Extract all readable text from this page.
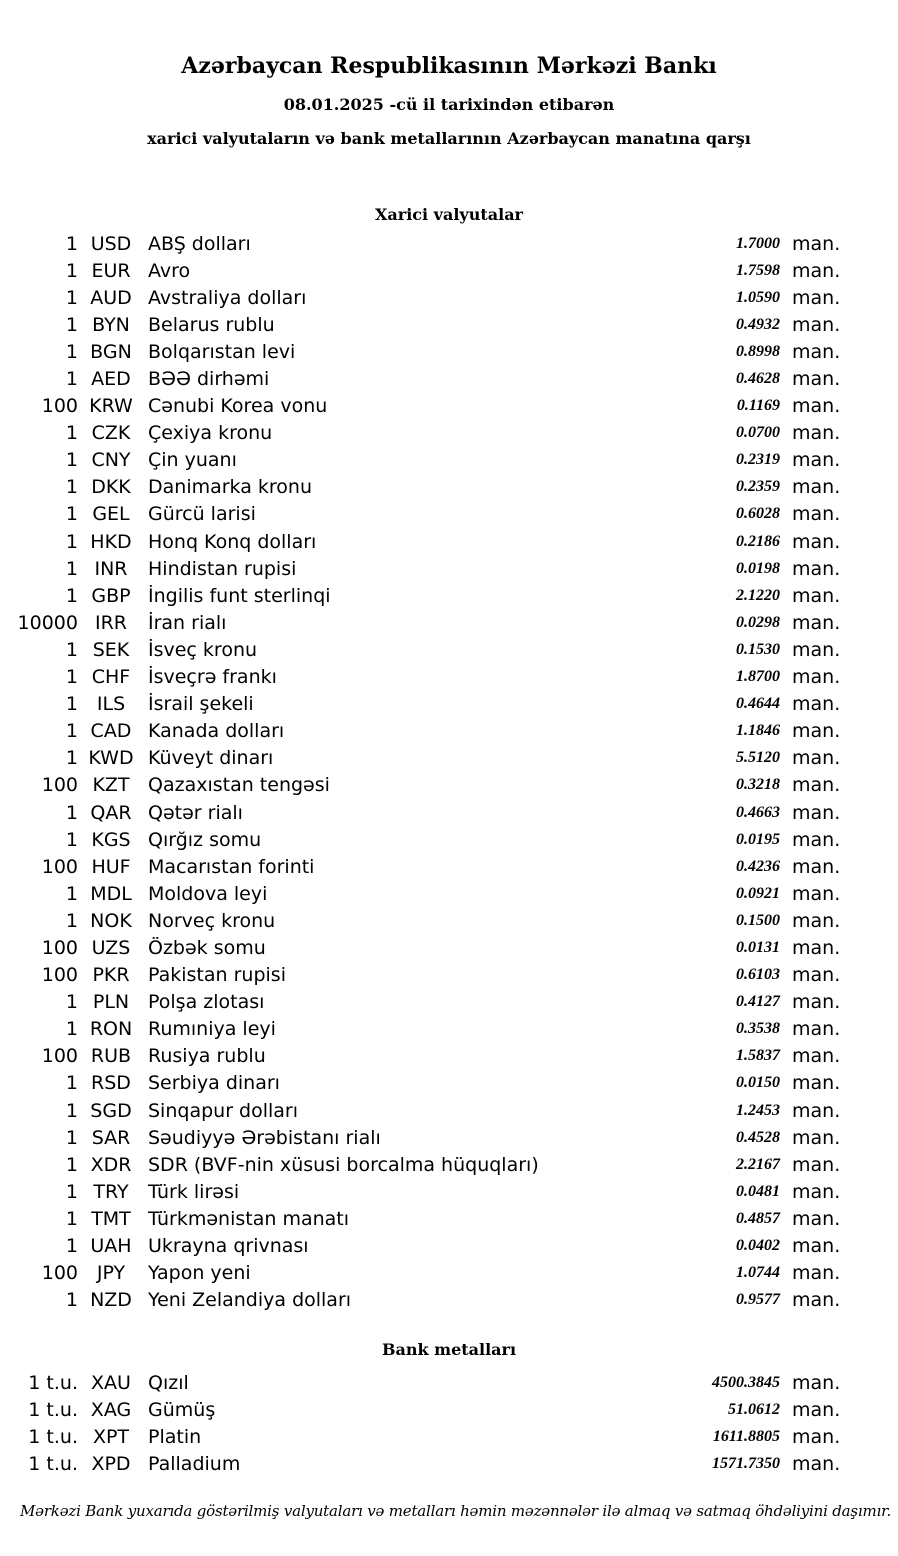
Azərbaycan Respublikasının Mərkəzi Bankı
08.01.2025 -cü il tarixindən etibarən
xarici valyutaların və bank metallarının Azərbaycan manatına qarşı
Xarici valyutalar
1 USD ABŞ dolları	1.7000 man.
1 EUR Avro	1.7598 man.
1 AUD Avstraliya dolları	1.0590 man.
1 BYN Belarus rublu	0.4932 man.
1 BGN Bolqarıstan levi	0.8998 man.
1 AED BƏƏ dirhəmi	0.4628 man.
100 KRW Cənubi Korea vonu	0.1169 man.
1 CZK Çexiya kronu	0.0700 man.
1 CNY Çin yuanı	0.2319 man.
1 DKK Danimarka kronu	0.2359 man.
1 GEL Gürcü larisi	0.6028 man.
1 HKD Honq Konq dolları	0.2186 man.
1 INR	Hindistan rupisi	0.0198 man.
1 GBP İngilis funt sterlinqi	2.1220 man.
10000 IRR	İran rialı	0.0298 man.
1 SEK İsveç kronu	0.1530 man.
1 CHF İsveçrə frankı	1.8700 man.
1 ILS	İsrail şekeli	0.4644 man.
1 CAD Kanada dolları	1.1846 man.
1 KWD Küveyt dinarı	5.5120 man.
100 KZT Qazaxıstan tengəsi	0.3218 man.
1 QAR Qətər rialı	0.4663 man.
1 KGS Qırğız somu	0.0195 man.
100 HUF Macarıstan forinti	0.4236 man.
1 MDL Moldova leyi	0.0921 man.
1 NOK Norveç kronu	0.1500 man.
100 UZS Özbək somu	0.0131 man.
100 PKR Pakistan rupisi	0.6103 man.
1 PLN Polşa zlotası	0.4127 man.
1 RON Rumıniya leyi	0.3538 man.
100 RUB Rusiya rublu	1.5837 man.
1 RSD Serbiya dinarı	0.0150 man.
1 SGD Sinqapur dolları	1.2453 man.
1 SAR Səudiyyə Ərəbistanı rialı	0.4528 man.
1 XDR SDR (BVF-nin xüsusi borcalma hüquqları)	2.2167 man.
1 TRY	Türk lirəsi	0.0481 man.
1 TMT Türkmənistan manatı	0.4857 man.
1 UAH Ukrayna qrivnası	0.0402 man.
100 JPY	Yapon yeni	1.0744 man.
1 NZD Yeni Zelandiya dolları	0.9577 man.
Bank metalları
1 t.u. XAU Qızıl	4500.3845 man.
1 t.u. XAG Gümüş	51.0612 man.
1 t.u. XPT Platin	1611.8805 man.
1 t.u. XPD Palladium	1571.7350 man.
Mərkəzi Bank yuxarıda göstərilmiş valyutaları və metalları həmin məzənnələr ilə almaq və satmaq öhdəliyini daşımır.
